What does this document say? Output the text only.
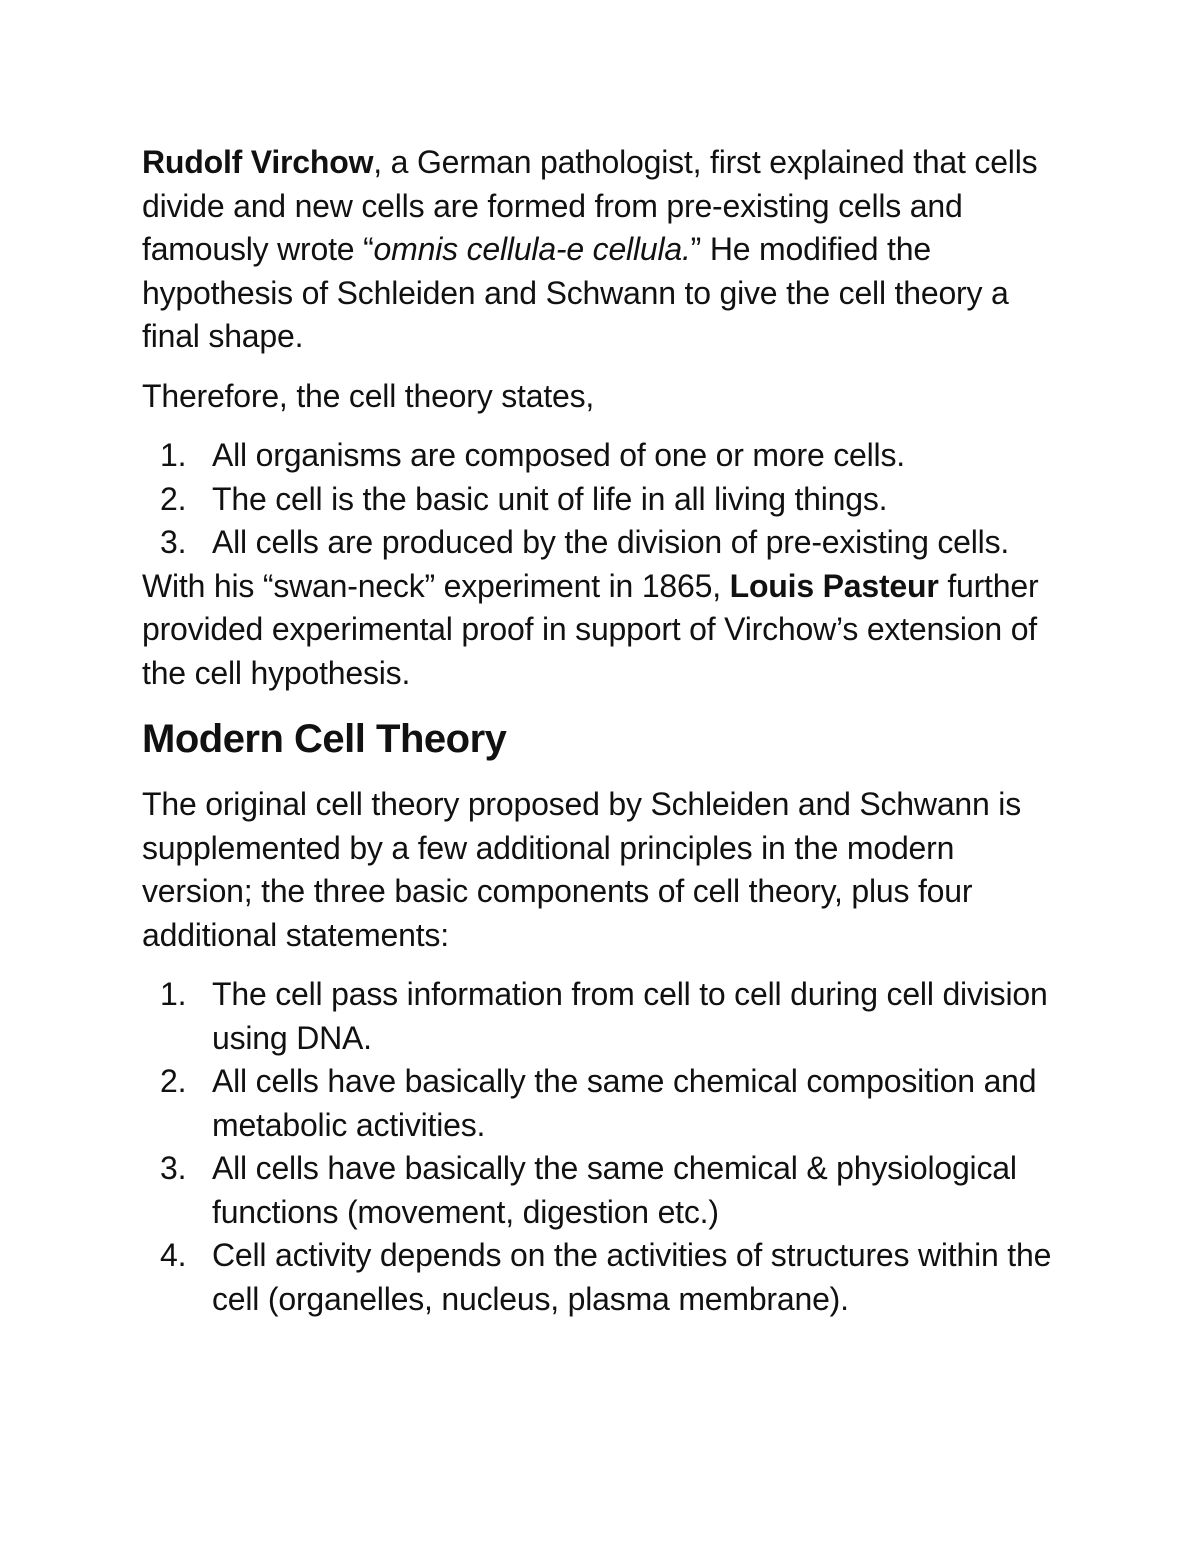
Rudolf Virchow, a German pathologist, first explained that cells divide and new cells are formed from pre-existing cells and famously wrote “omnis cellula-e cellula.” He modified the hypothesis of Schleiden and Schwann to give the cell theory a final shape.

Therefore, the cell theory states,

1. All organisms are composed of one or more cells.
2. The cell is the basic unit of life in all living things.
3. All cells are produced by the division of pre-existing cells.

With his “swan-neck” experiment in 1865, Louis Pasteur further provided experimental proof in support of Virchow’s extension of the cell hypothesis.

Modern Cell Theory

The original cell theory proposed by Schleiden and Schwann is supplemented by a few additional principles in the modern version; the three basic components of cell theory, plus four additional statements:

1. The cell pass information from cell to cell during cell division using DNA.
2. All cells have basically the same chemical composition and metabolic activities.
3. All cells have basically the same chemical & physiological functions (movement, digestion etc.)
4. Cell activity depends on the activities of structures within the cell (organelles, nucleus, plasma membrane).
